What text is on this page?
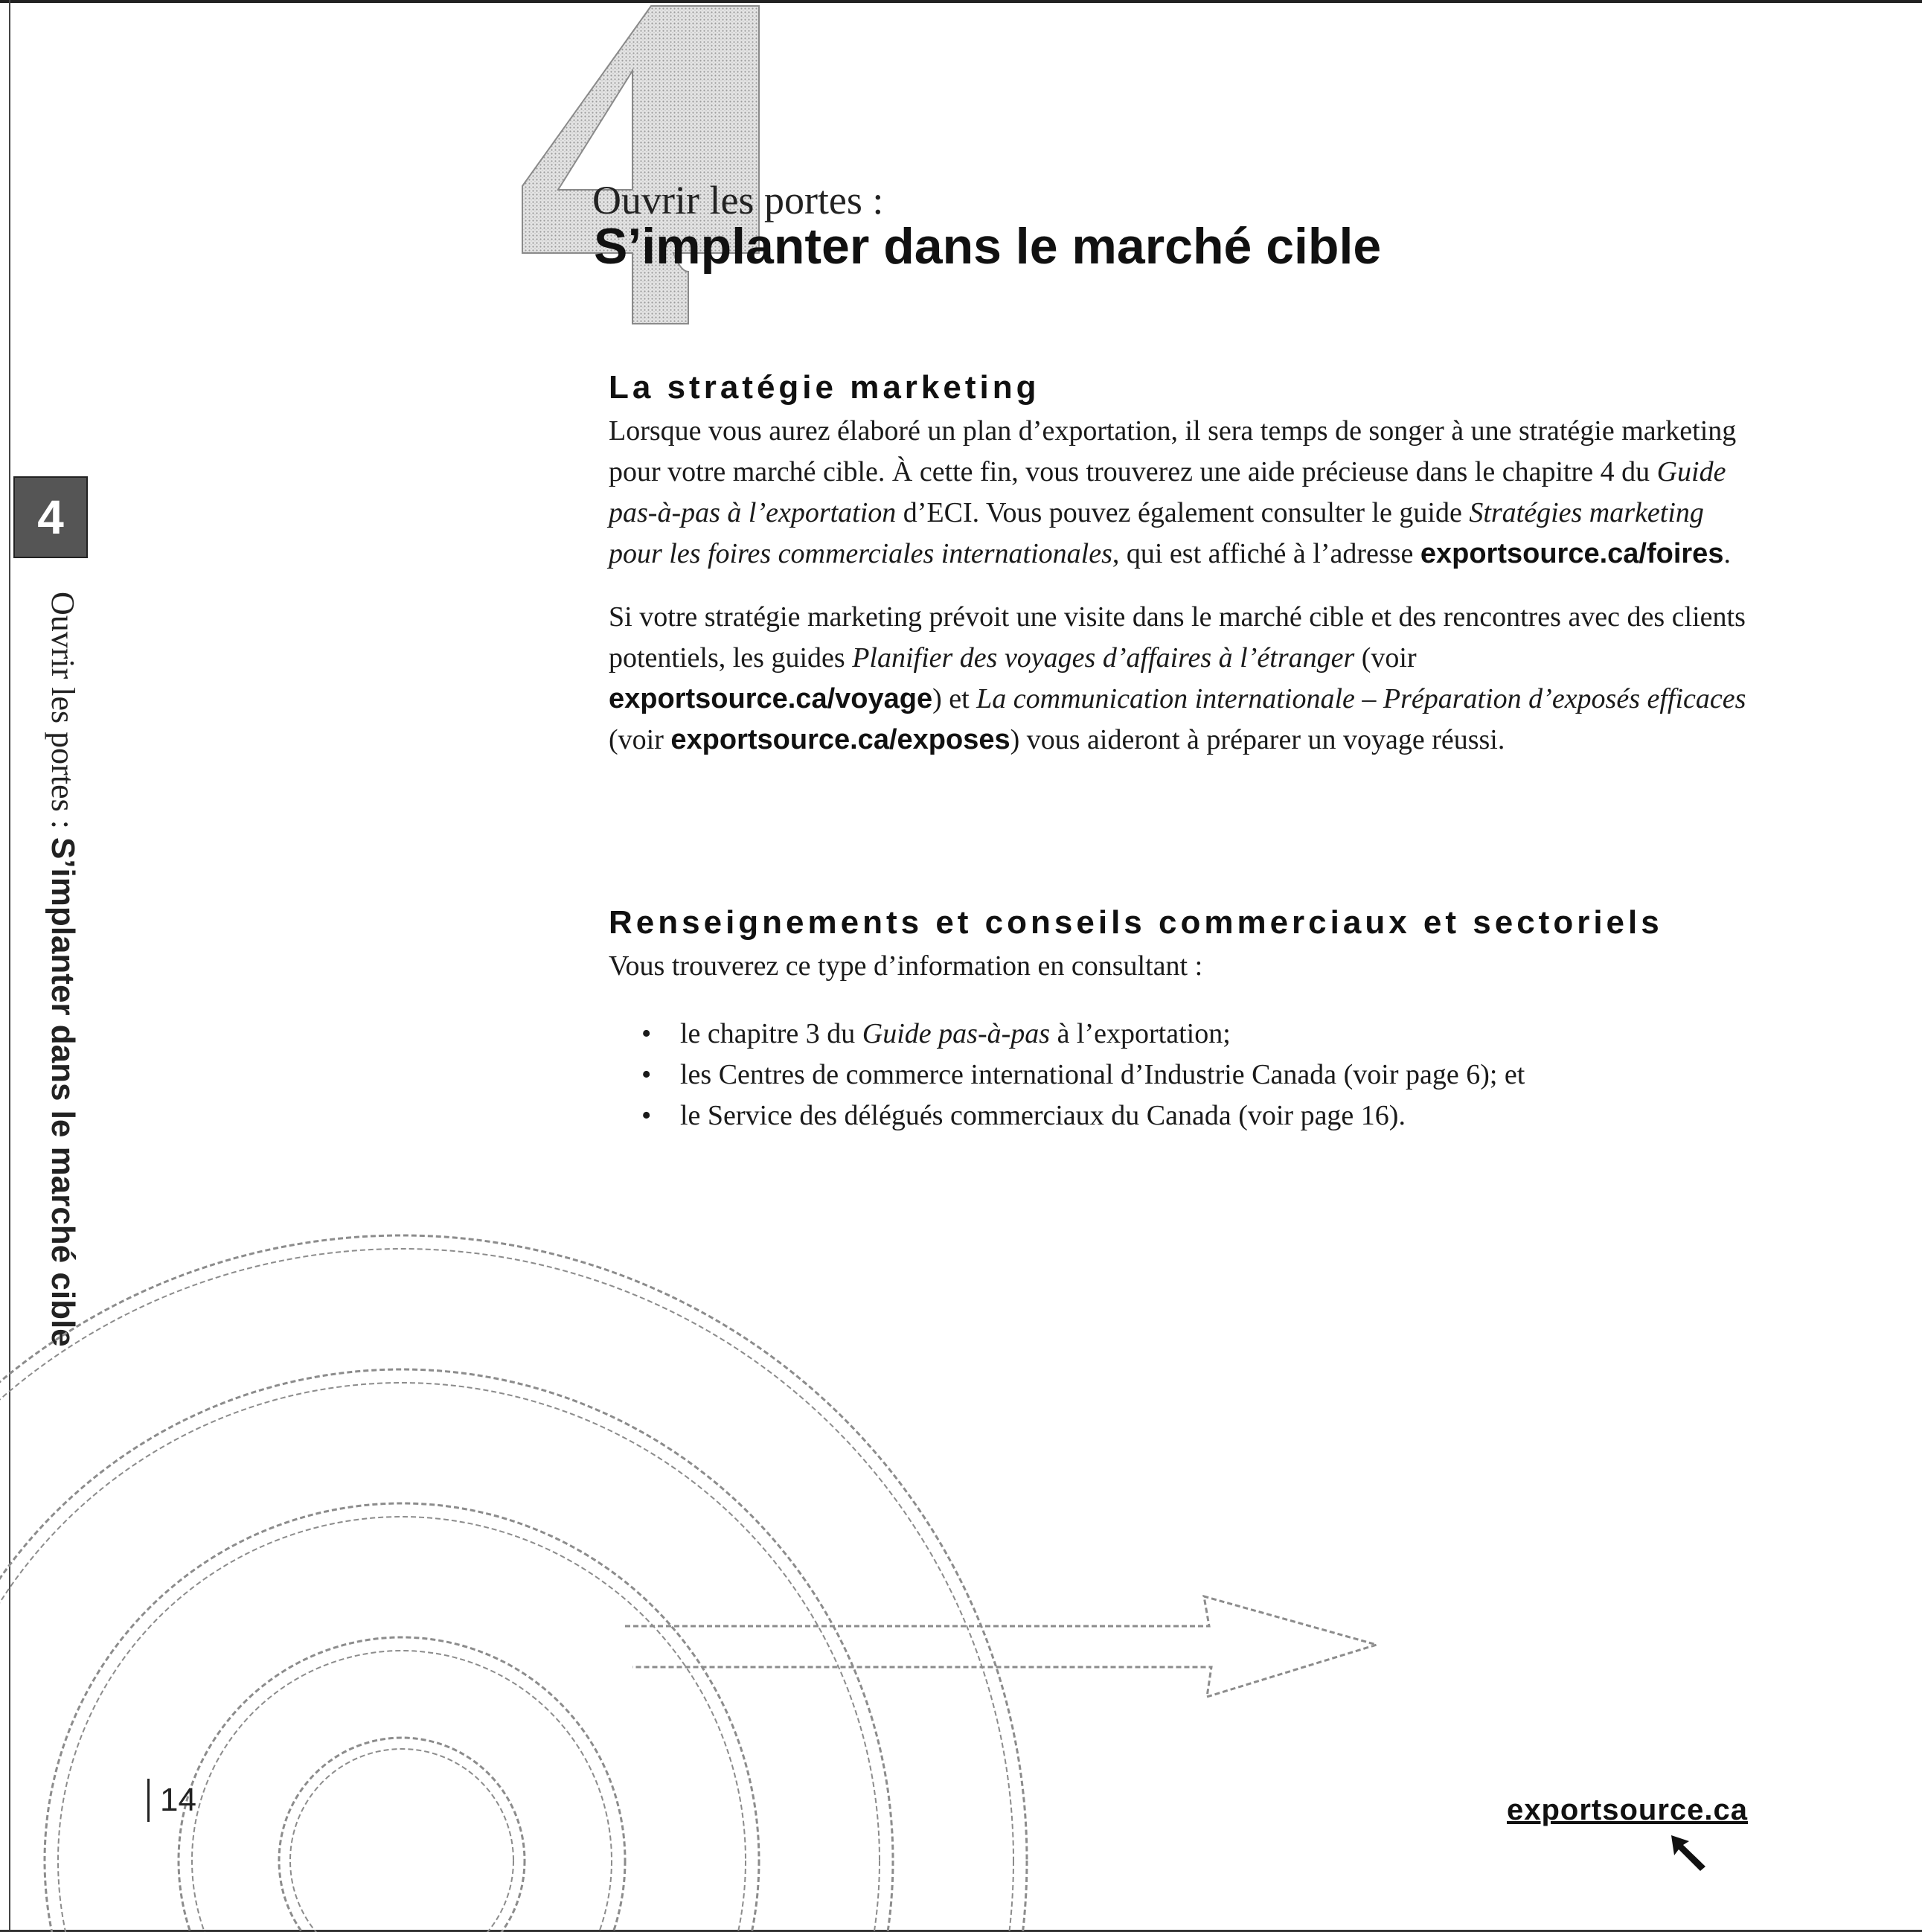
Ouvrir les portes :
S’implanter dans le marché cible
4
Ouvrir les portes : S’implanter dans le marché cible
La stratégie marketing

Lorsque vous aurez élaboré un plan d’exportation, il sera temps de songer à une stratégie marketing pour votre marché cible. À cette fin, vous trouverez une aide précieuse dans le chapitre 4 du Guide pas-à-pas à l’exportation d’ECI. Vous pouvez également consulter le guide Stratégies marketing pour les foires commerciales internationales, qui est affiché à l’adresse exportsource.ca/foires.

Si votre stratégie marketing prévoit une visite dans le marché cible et des rencontres avec des clients potentiels, les guides Planifier des voyages d’affaires à l’étranger (voir exportsource.ca/voyage) et La communication internationale – Préparation d’exposés efficaces (voir exportsource.ca/exposes) vous aideront à préparer un voyage réussi.

Renseignements et conseils commerciaux et sectoriels

Vous trouverez ce type d’information en consultant :

• le chapitre 3 du Guide pas-à-pas à l’exportation;
• les Centres de commerce international d’Industrie Canada (voir page 6); et
• le Service des délégués commerciaux du Canada (voir page 16).
14	exportsource.ca
